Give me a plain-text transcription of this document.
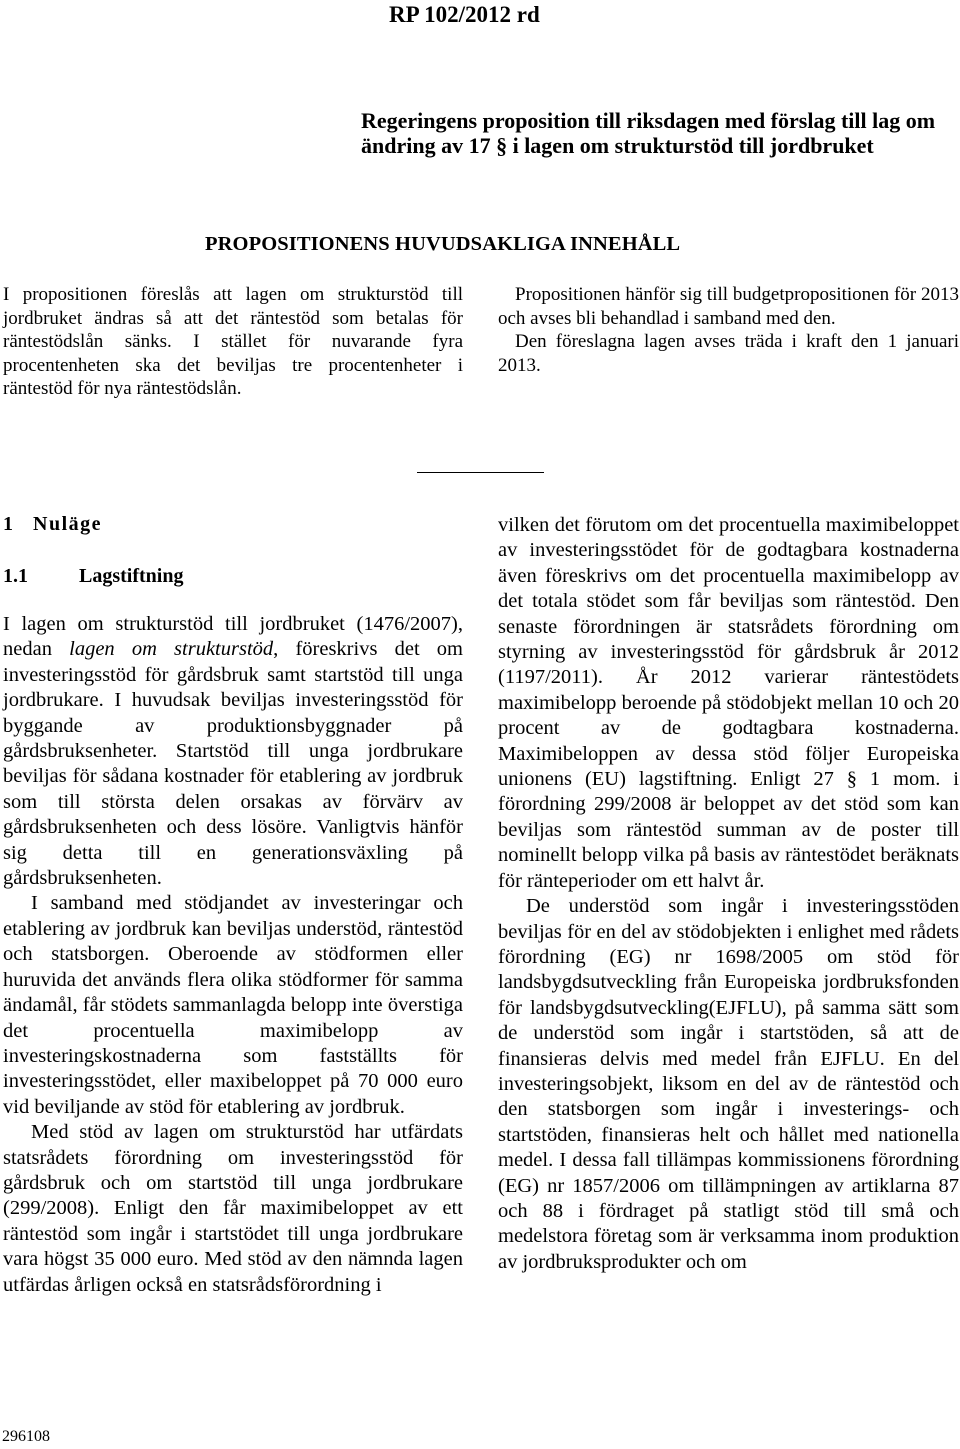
RP 102/2012 rd
Regeringens proposition till riksdagen med förslag till lag om ändring av 17 § i lagen om strukturstöd till jordbruket
PROPOSITIONENS HUVUDSAKLIGA INNEHÅLL

I propositionen föreslås att lagen om strukturstöd till jordbruket ändras så att det räntestöd som betalas för räntestödslån sänks. I stället för nuvarande fyra procentenheten ska det beviljas tre procentenheter i räntestöd för nya räntestödslån.

Propositionen hänför sig till budgetpropositionen för 2013 och avses bli behandlad i samband med den.

Den föreslagna lagen avses träda i kraft den 1 januari 2013.

1 Nuläge
1.1	Lagstiftning

I lagen om strukturstöd till jordbruket (1476/2007), nedan lagen om strukturstöd, föreskrivs det om investeringsstöd för gårdsbruk samt startstöd till unga jordbrukare. I huvudsak beviljas investeringsstöd för byggande av produktionsbyggnader på gårdsbruksenheter. Startstöd till unga jordbrukare beviljas för sådana kostnader för etablering av jordbruk som till största delen orsakas av förvärv av gårdsbruksenheten och dess lösöre. Vanligtvis hänför sig detta till en generationsväxling på gårdsbruksenheten.

I samband med stödjandet av investeringar och etablering av jordbruk kan beviljas understöd, räntestöd och statsborgen. Oberoende av stödformen eller huruvida det används flera olika stödformer för samma ändamål, får stödets sammanlagda belopp inte överstiga det procentuella maximibelopp av investeringskostnaderna som fastställts för investeringsstödet, eller maxibeloppet på 70 000 euro vid beviljande av stöd för etablering av jordbruk.

Med stöd av lagen om strukturstöd har utfärdats statsrådets förordning om investeringsstöd för gårdsbruk och om startstöd till unga jordbrukare (299/2008). Enligt den får maximibeloppet av ett räntestöd som ingår i startstödet till unga jordbrukare vara högst 35 000 euro. Med stöd av den nämnda lagen utfärdas årligen också en statsrådsförordning i

vilken det förutom om det procentuella maximibeloppet av investeringsstödet för de godtagbara kostnaderna även föreskrivs om det procentuella maximibelopp av det totala stödet som får beviljas som räntestöd. Den senaste förordningen är statsrådets förordning om styrning av investeringsstöd för gårdsbruk år 2012 (1197/2011). År 2012 varierar räntestödets maximibelopp beroende på stödobjekt mellan 10 och 20 procent av de godtagbara kostnaderna. Maximibeloppen av dessa stöd följer Europeiska unionens (EU) lagstiftning. Enligt 27 § 1 mom. i förordning 299/2008 är beloppet av det stöd som kan beviljas som räntestöd summan av de poster till nominellt belopp vilka på basis av räntestödet beräknats för ränteperioder om ett halvt år.

De understöd som ingår i investeringsstöden beviljas för en del av stödobjekten i enlighet med rådets förordning (EG) nr 1698/2005 om stöd för landsbygdsutveckling från Europeiska jordbruksfonden för landsbygdsutveckling(EJFLU), på samma sätt som de understöd som ingår i startstöden, så att de finansieras delvis med medel från EJFLU. En del investeringsobjekt, liksom en del av de räntestöd och den statsborgen som ingår i investerings- och startstöden, finansieras helt och hållet med nationella medel. I dessa fall tillämpas kommissionens förordning (EG) nr 1857/2006 om tillämpningen av artiklarna 87 och 88 i fördraget på statligt stöd till små och medelstora företag som är verksamma inom produktion av jordbruksprodukter och om

296108
